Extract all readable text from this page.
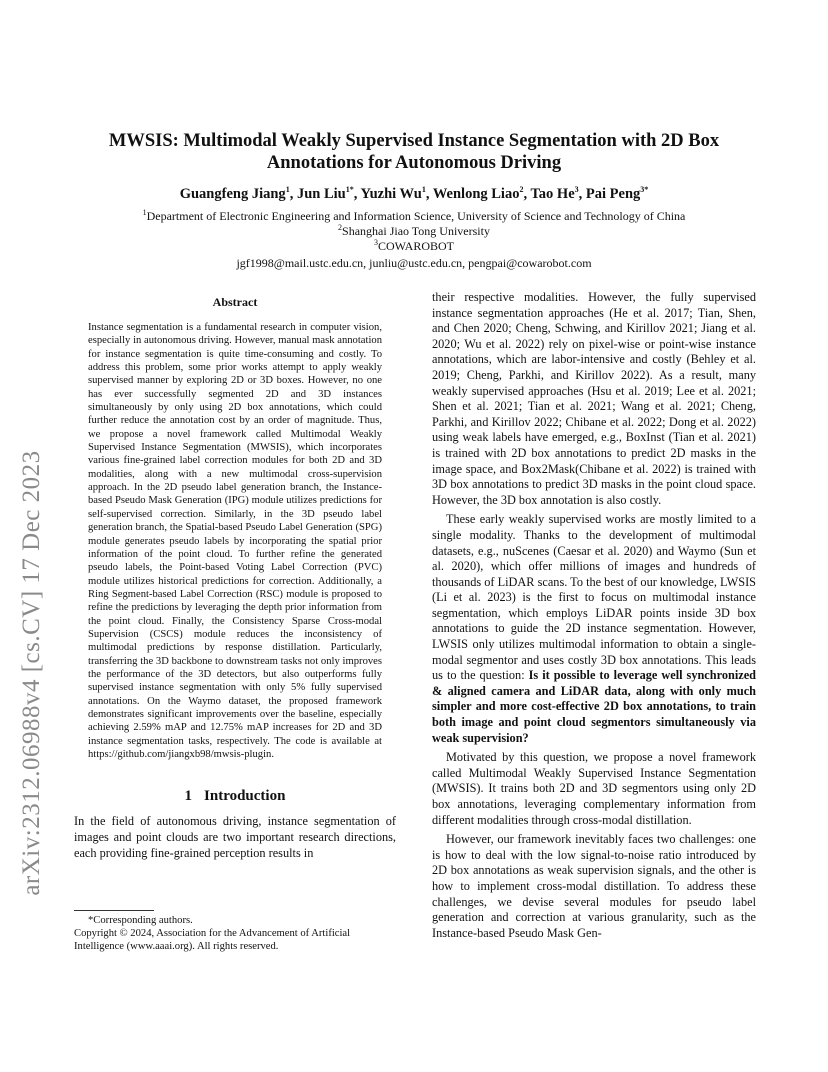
arXiv:2312.06988v4 [cs.CV] 17 Dec 2023
MWSIS: Multimodal Weakly Supervised Instance Segmentation with 2D Box Annotations for Autonomous Driving

Guangfeng Jiang$^1$, Jun Liu$^{1*}$, Yuzhi Wu$^1$, Wenlong Liao$^2$, Tao He$^3$, Pai Peng$^{3*}$

$^1$Department of Electronic Engineering and Information Science, University of Science and Technology of China

$^2$Shanghai Jiao Tong University

$^3$COWAROBOT

jgf1998@mail.ustc.edu.cn, junliu@ustc.edu.cn, pengpai@cowarobot.com

Abstract

Instance segmentation is a fundamental research in computer vision, especially in autonomous driving. However, manual mask annotation for instance segmentation is quite time-consuming and costly. To address this problem, some prior works attempt to apply weakly supervised manner by exploring 2D or 3D boxes. However, no one has ever successfully segmented 2D and 3D instances simultaneously by only using 2D box annotations, which could further reduce the annotation cost by an order of magnitude. Thus, we propose a novel framework called Multimodal Weakly Supervised Instance Segmentation (MWSIS), which incorporates various fine-grained label correction modules for both 2D and 3D modalities, along with a new multimodal cross-supervision approach. In the 2D pseudo label generation branch, the Instance-based Pseudo Mask Generation (IPG) module utilizes predictions for self-supervised correction. Similarly, in the 3D pseudo label generation branch, the Spatial-based Pseudo Label Generation (SPG) module generates pseudo labels by incorporating the spatial prior information of the point cloud. To further refine the generated pseudo labels, the Point-based Voting Label Correction (PVC) module utilizes historical predictions for correction. Additionally, a Ring Segment-based Label Correction (RSC) module is proposed to refine the predictions by leveraging the depth prior information from the point cloud. Finally, the Consistency Sparse Cross-modal Supervision (CSCS) module reduces the inconsistency of multimodal predictions by response distillation. Particularly, transferring the 3D backbone to downstream tasks not only improves the performance of the 3D detectors, but also outperforms fully supervised instance segmentation with only 5% fully supervised annotations. On the Waymo dataset, the proposed framework demonstrates significant improvements over the baseline, especially achieving 2.59% mAP and 12.75% mAP increases for 2D and 3D instance segmentation tasks, respectively. The code is available at https://github.com/jiangxb98/mwsis-plugin.

1 Introduction

In the field of autonomous driving, instance segmentation of images and point clouds are two important research directions, each providing fine-grained perception results in

*Corresponding authors.

Copyright © 2024, Association for the Advancement of Artificial Intelligence (www.aaai.org). All rights reserved.

their respective modalities. However, the fully supervised instance segmentation approaches (He et al. 2017; Tian, Shen, and Chen 2020; Cheng, Schwing, and Kirillov 2021; Jiang et al. 2020; Wu et al. 2022) rely on pixel-wise or point-wise instance annotations, which are labor-intensive and costly (Behley et al. 2019; Cheng, Parkhi, and Kirillov 2022). As a result, many weakly supervised approaches (Hsu et al. 2019; Lee et al. 2021; Shen et al. 2021; Tian et al. 2021; Wang et al. 2021; Cheng, Parkhi, and Kirillov 2022; Chibane et al. 2022; Dong et al. 2022) using weak labels have emerged, e.g., BoxInst (Tian et al. 2021) is trained with 2D box annotations to predict 2D masks in the image space, and Box2Mask(Chibane et al. 2022) is trained with 3D box annotations to predict 3D masks in the point cloud space. However, the 3D box annotation is also costly.

These early weakly supervised works are mostly limited to a single modality. Thanks to the development of multimodal datasets, e.g., nuScenes (Caesar et al. 2020) and Waymo (Sun et al. 2020), which offer millions of images and hundreds of thousands of LiDAR scans. To the best of our knowledge, LWSIS (Li et al. 2023) is the first to focus on multimodal instance segmentation, which employs LiDAR points inside 3D box annotations to guide the 2D instance segmentation. However, LWSIS only utilizes multimodal information to obtain a single-modal segmentor and uses costly 3D box annotations. This leads us to the question: Is it possible to leverage well synchronized & aligned camera and LiDAR data, along with only much simpler and more cost-effective 2D box annotations, to train both image and point cloud segmentors simultaneously via weak supervision?

Motivated by this question, we propose a novel framework called Multimodal Weakly Supervised Instance Segmentation (MWSIS). It trains both 2D and 3D segmentors using only 2D box annotations, leveraging complementary information from different modalities through cross-modal distillation.

However, our framework inevitably faces two challenges: one is how to deal with the low signal-to-noise ratio introduced by 2D box annotations as weak supervision signals, and the other is how to implement cross-modal distillation. To address these challenges, we devise several modules for pseudo label generation and correction at various granularity, such as the Instance-based Pseudo Mask Gen-
